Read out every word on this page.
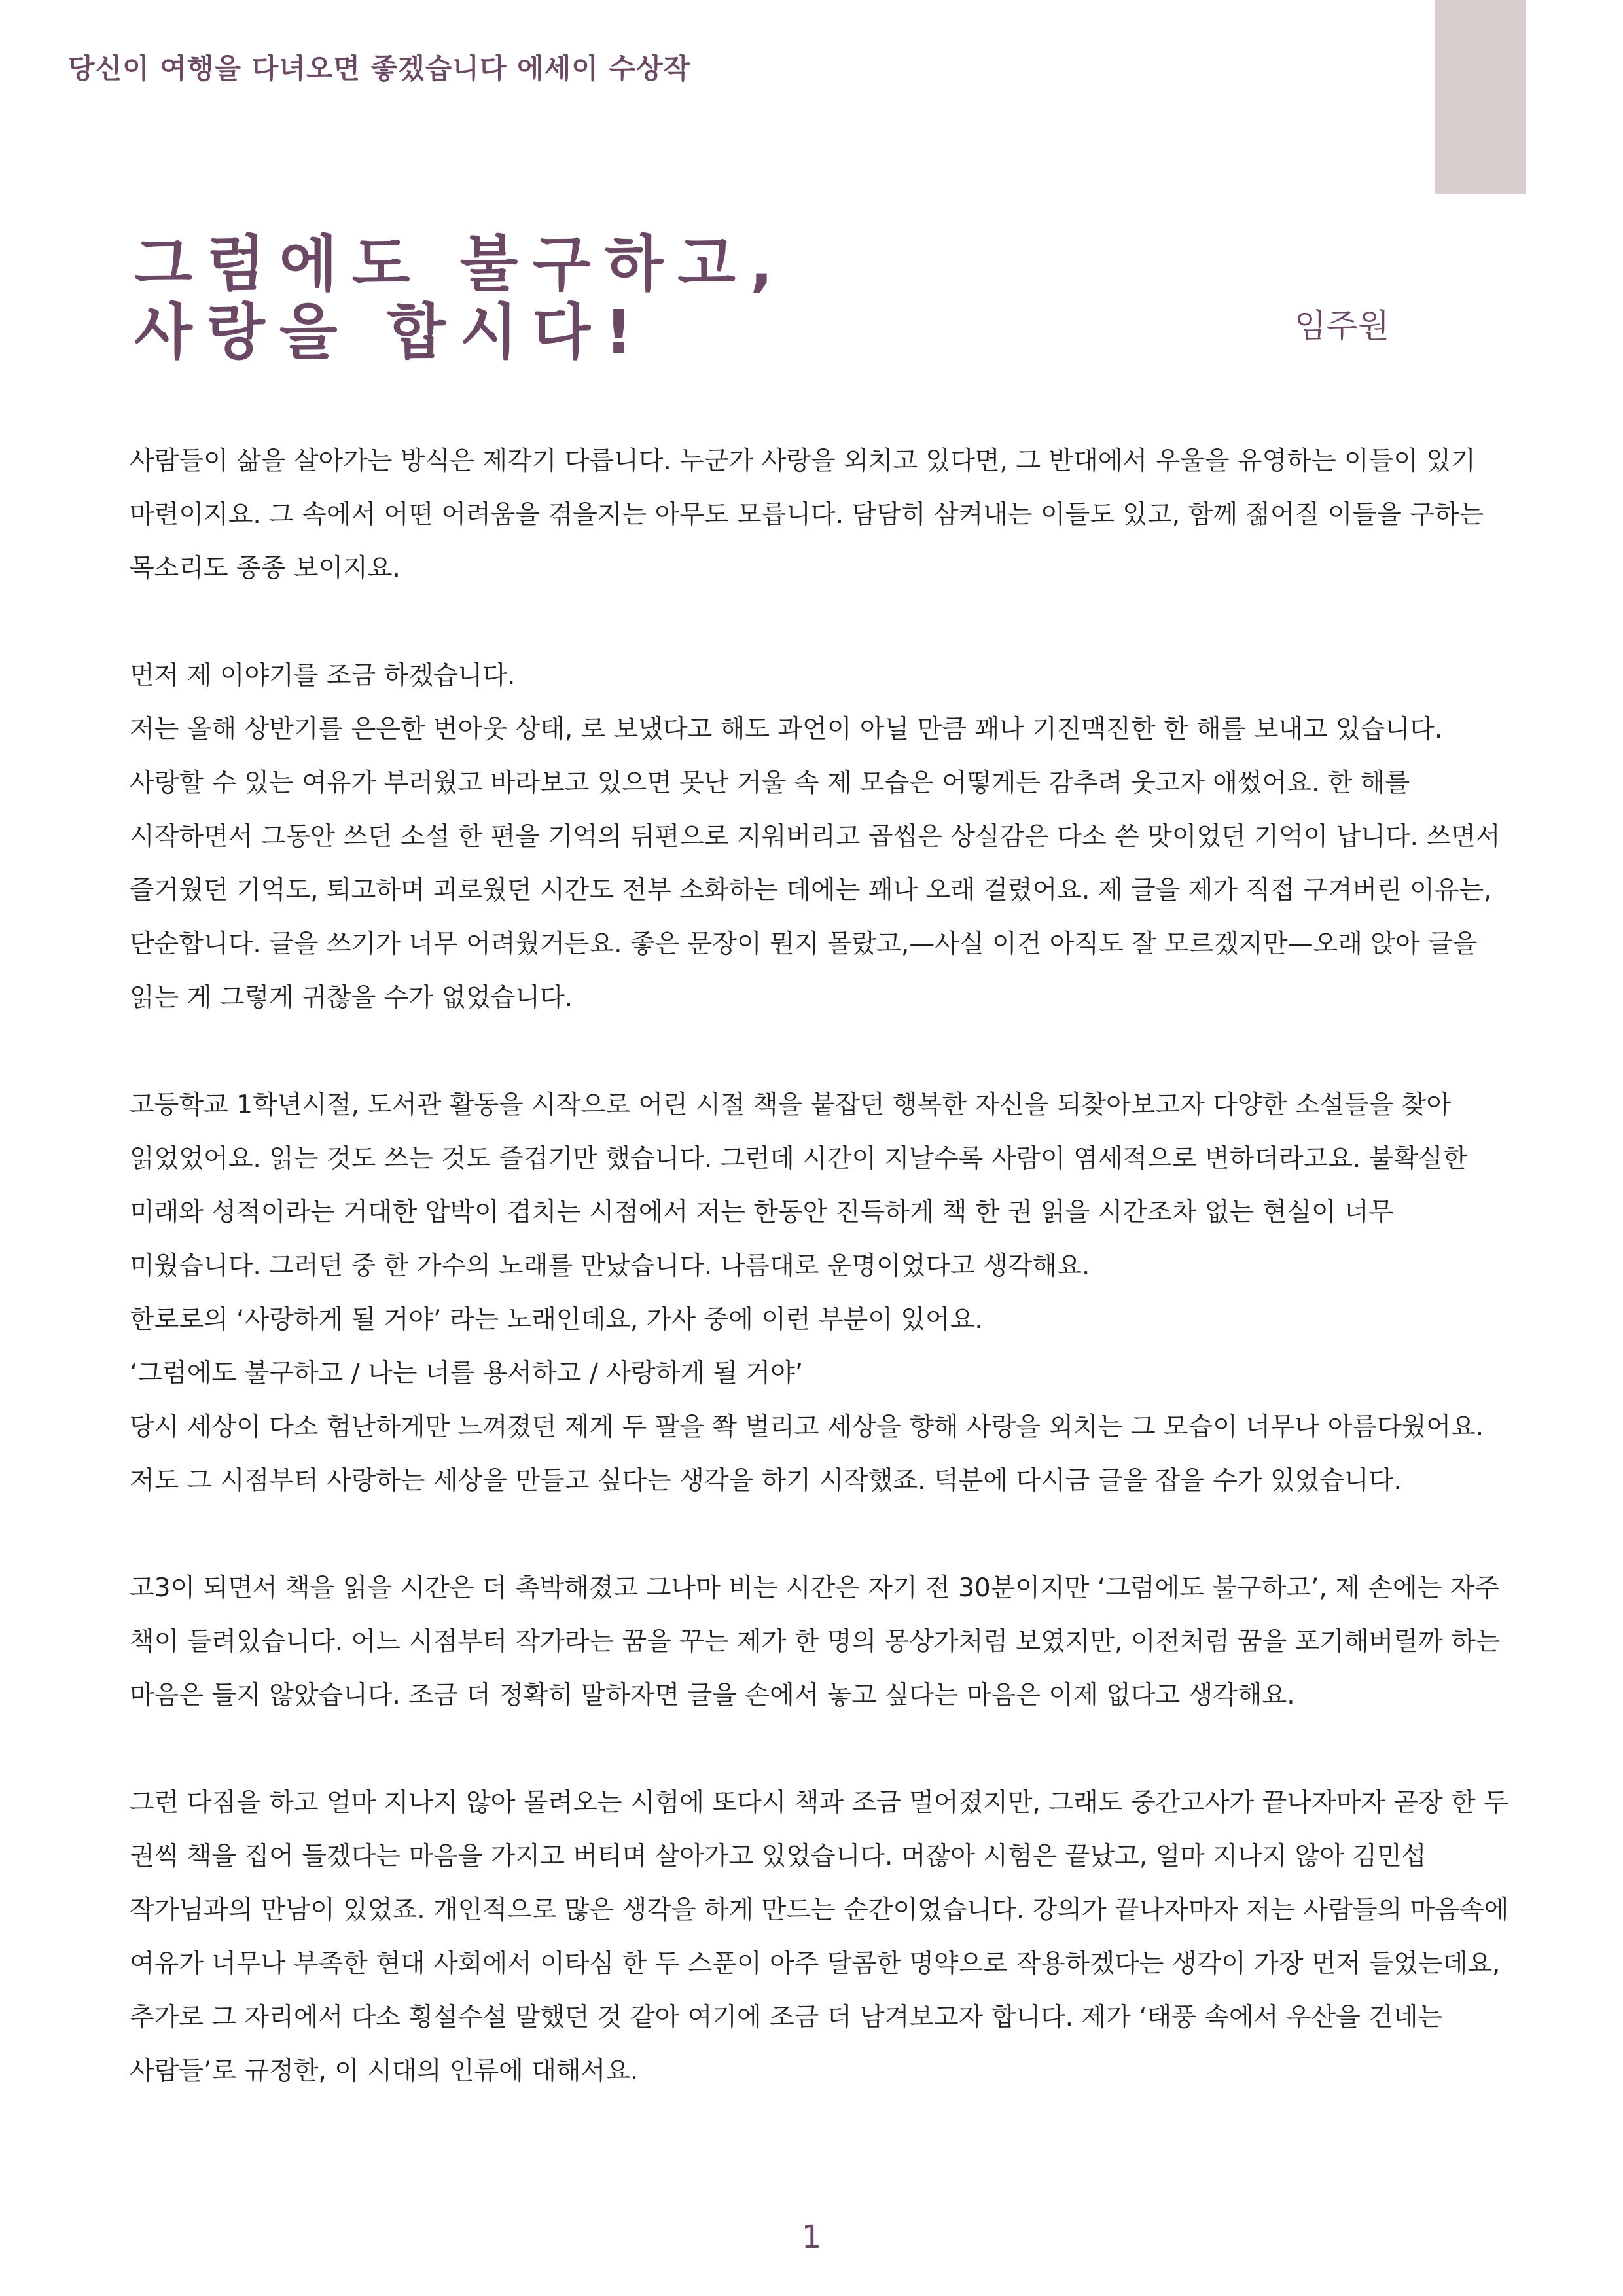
당신이 여행을 다녀오면 좋겠습니다 에세이 수상작
그럼에도 불구하고,
사랑을 합시다!	임주원

사람들이 삶을 살아가는 방식은 제각기 다릅니다. 누군가 사랑을 외치고 있다면, 그 반대에서 우울을 유영하는 이들이 있기 마련이지요. 그 속에서 어떤 어려움을 겪을지는 아무도 모릅니다. 담담히 삼켜내는 이들도 있고, 함께 젊어질 이들을 구하는 목소리도 종종 보이지요.

먼저 제 이야기를 조금 하겠습니다.

저는 올해 상반기를 은은한 번아웃 상태, 로 보냈다고 해도 과언이 아닐 만큼 꽤나 기진맥진한 한 해를 보내고 있습니다. 사랑할 수 있는 여유가 부러웠고 바라보고 있으면 못난 거울 속 제 모습은 어떻게든 감추려 웃고자 애썼어요. 한 해를 시작하면서 그동안 쓰던 소설 한 편을 기억의 뒤편으로 지워버리고 곱씹은 상실감은 다소 쓴 맛이었던 기억이 납니다. 쓰면서 즐거웠던 기억도, 퇴고하며 괴로웠던 시간도 전부 소화하는 데에는 꽤나 오래 걸렸어요. 제 글을 제가 직접 구겨버린 이유는, 단순합니다. 글을 쓰기가 너무 어려웠거든요. 좋은 문장이 뭔지 몰랐고,—사실 이건 아직도 잘 모르겠지만—오래 앉아 글을 읽는 게 그렇게 귀찮을 수가 없었습니다.

고등학교 1학년시절, 도서관 활동을 시작으로 어린 시절 책을 붙잡던 행복한 자신을 되찾아보고자 다양한 소설들을 찾아 읽었었어요. 읽는 것도 쓰는 것도 즐겁기만 했습니다. 그런데 시간이 지날수록 사람이 염세적으로 변하더라고요. 불확실한 미래와 성적이라는 거대한 압박이 겹치는 시점에서 저는 한동안 진득하게 책 한 권 읽을 시간조차 없는 현실이 너무 미웠습니다. 그러던 중 한 가수의 노래를 만났습니다. 나름대로 운명이었다고 생각해요.

한로로의 ‘사랑하게 될 거야’ 라는 노래인데요, 가사 중에 이런 부분이 있어요.

‘그럼에도 불구하고 / 나는 너를 용서하고 / 사랑하게 될 거야’

당시 세상이 다소 험난하게만 느껴졌던 제게 두 팔을 쫙 벌리고 세상을 향해 사랑을 외치는 그 모습이 너무나 아름다웠어요. 저도 그 시점부터 사랑하는 세상을 만들고 싶다는 생각을 하기 시작했죠. 덕분에 다시금 글을 잡을 수가 있었습니다.

고3이 되면서 책을 읽을 시간은 더 촉박해졌고 그나마 비는 시간은 자기 전 30분이지만 ‘그럼에도 불구하고’, 제 손에는 자주 책이 들려있습니다. 어느 시점부터 작가라는 꿈을 꾸는 제가 한 명의 몽상가처럼 보였지만, 이전처럼 꿈을 포기해버릴까 하는 마음은 들지 않았습니다. 조금 더 정확히 말하자면 글을 손에서 놓고 싶다는 마음은 이제 없다고 생각해요.

그런 다짐을 하고 얼마 지나지 않아 몰려오는 시험에 또다시 책과 조금 멀어졌지만, 그래도 중간고사가 끝나자마자 곧장 한 두 권씩 책을 집어 들겠다는 마음을 가지고 버티며 살아가고 있었습니다. 머잖아 시험은 끝났고, 얼마 지나지 않아 김민섭 작가님과의 만남이 있었죠. 개인적으로 많은 생각을 하게 만드는 순간이었습니다. 강의가 끝나자마자 저는 사람들의 마음속에 여유가 너무나 부족한 현대 사회에서 이타심 한 두 스푼이 아주 달콤한 명약으로 작용하겠다는 생각이 가장 먼저 들었는데요, 추가로 그 자리에서 다소 횡설수설 말했던 것 같아 여기에 조금 더 남겨보고자 합니다. 제가 ‘태풍 속에서 우산을 건네는 사람들’로 규정한, 이 시대의 인류에 대해서요.

1
